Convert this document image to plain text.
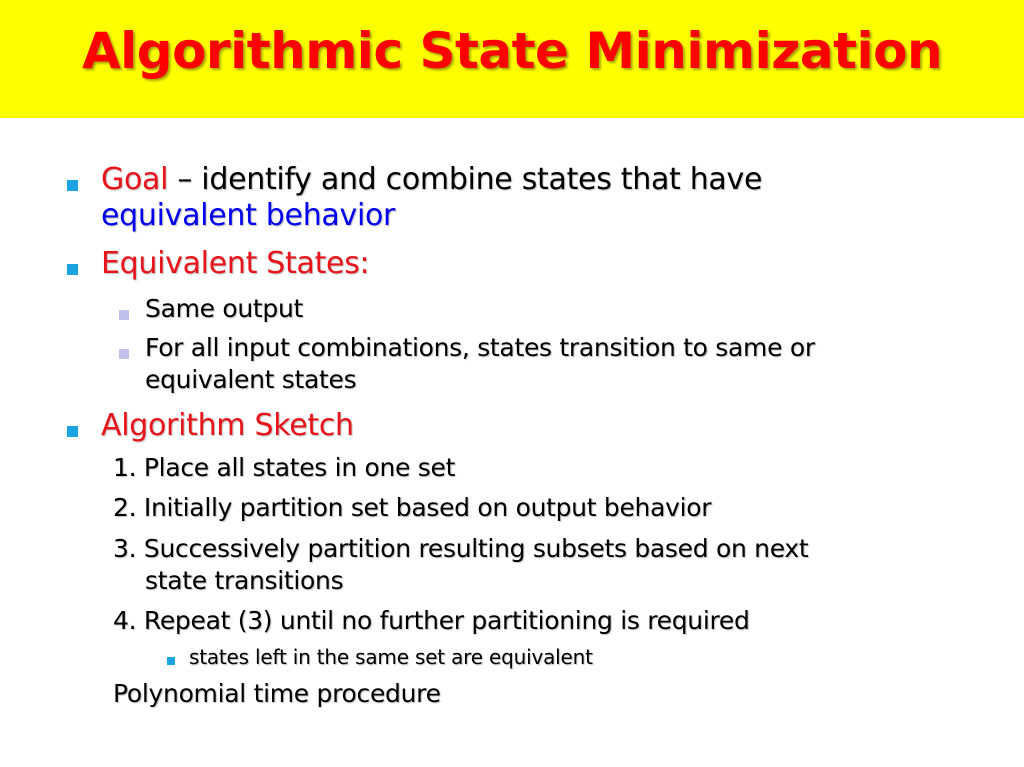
Algorithmic State Minimization
Goal – identify and combine states that have
equivalent behavior
Equivalent States:
Same output
For all input combinations, states transition to same or
equivalent states
Algorithm Sketch
1. Place all states in one set
2. Initially partition set based on output behavior
3. Successively partition resulting subsets based on next
state transitions
4. Repeat (3) until no further partitioning is required
states left in the same set are equivalent
Polynomial time procedure
